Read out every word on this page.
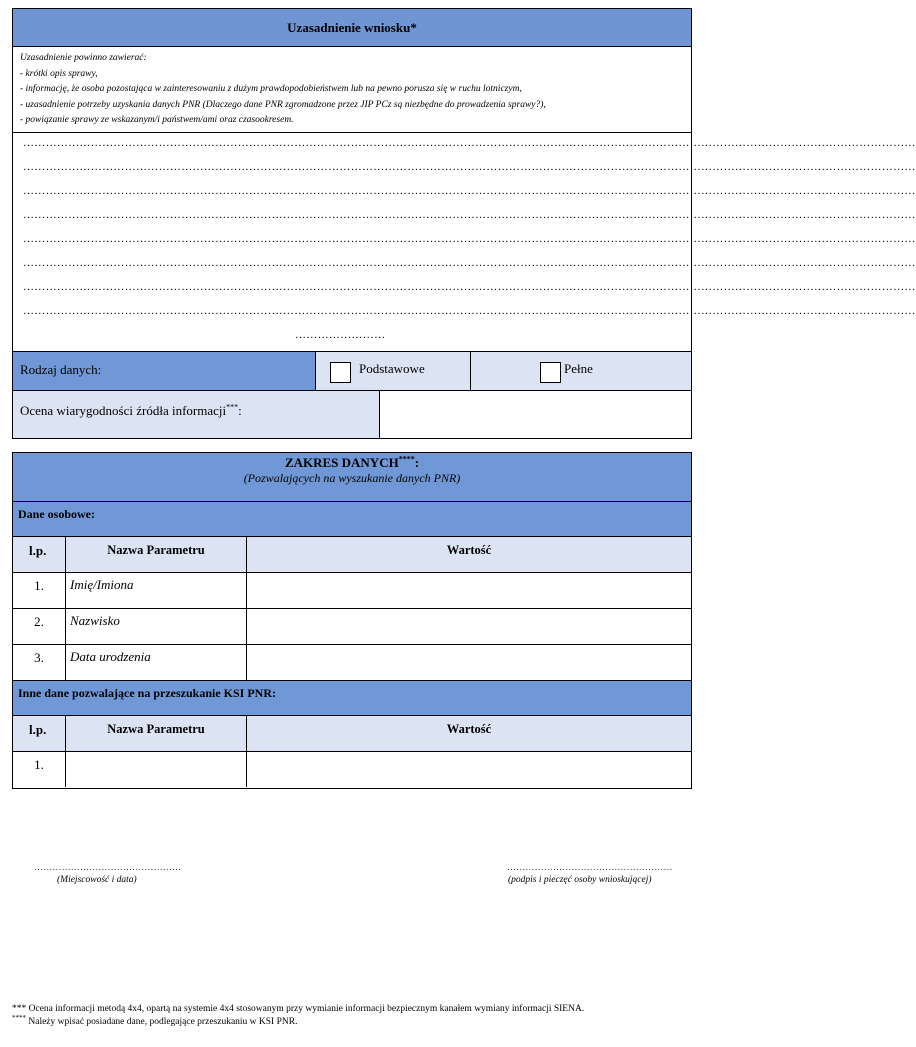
Uzasadnienie wniosku*
Uzasadnienie powinno zawierać:
- krótki opis sprawy,
- informację, że osoba pozostająca w zainteresowaniu z dużym prawdopodobieństwem lub na pewno porusza się w ruchu lotniczym,
- uzasadnienie potrzeby uzyskania danych PNR (Dlaczego dane PNR zgromadzone przez JIP PCz są niezbędne do prowadzenia sprawy?),
- powiązanie sprawy ze wskazanym/i państwem/ami oraz czasookresem.
…………………………………………………………………………………………………………………………………………………………………………………………………………………
…………………………………………………………………………………………………………………………………………………………………………………………………………………
…………………………………………………………………………………………………………………………………………………………………………………………………………………
…………………………………………………………………………………………………………………………………………………………………………………………………………………
…………………………………………………………………………………………………………………………………………………………………………………………………………………
…………………………………………………………………………………………………………………………………………………………………………………………………………………
…………………………………………………………………………………………………………………………………………………………………………………………………………………
…………………………………………………………………………………………………………………………………………………………………………………………………………………
……………………
Rodzaj danych:	Podstawowe	Pełne
Ocena wiarygodności źródła informacji***:
ZAKRES DANYCH****:
(Pozwalających na wyszukanie danych PNR)
Dane osobowe:
l.p.	Nazwa Parametru	Wartość
1.	Imię/Imiona
2.	Nazwisko
3.	Data urodzenia
Inne dane pozwalające na przeszukanie KSI PNR:
l.p.	Nazwa Parametru	Wartość
1.
…………………………………………
(Miejscowość i data)
………………………………………………
(podpis i pieczęć osoby wnioskującej)
*** Ocena informacji metodą 4x4, opartą na systemie 4x4 stosowanym przy wymianie informacji bezpiecznym kanałem wymiany informacji SIENA.
**** Należy wpisać posiadane dane, podlegające przeszukaniu w KSI PNR.
